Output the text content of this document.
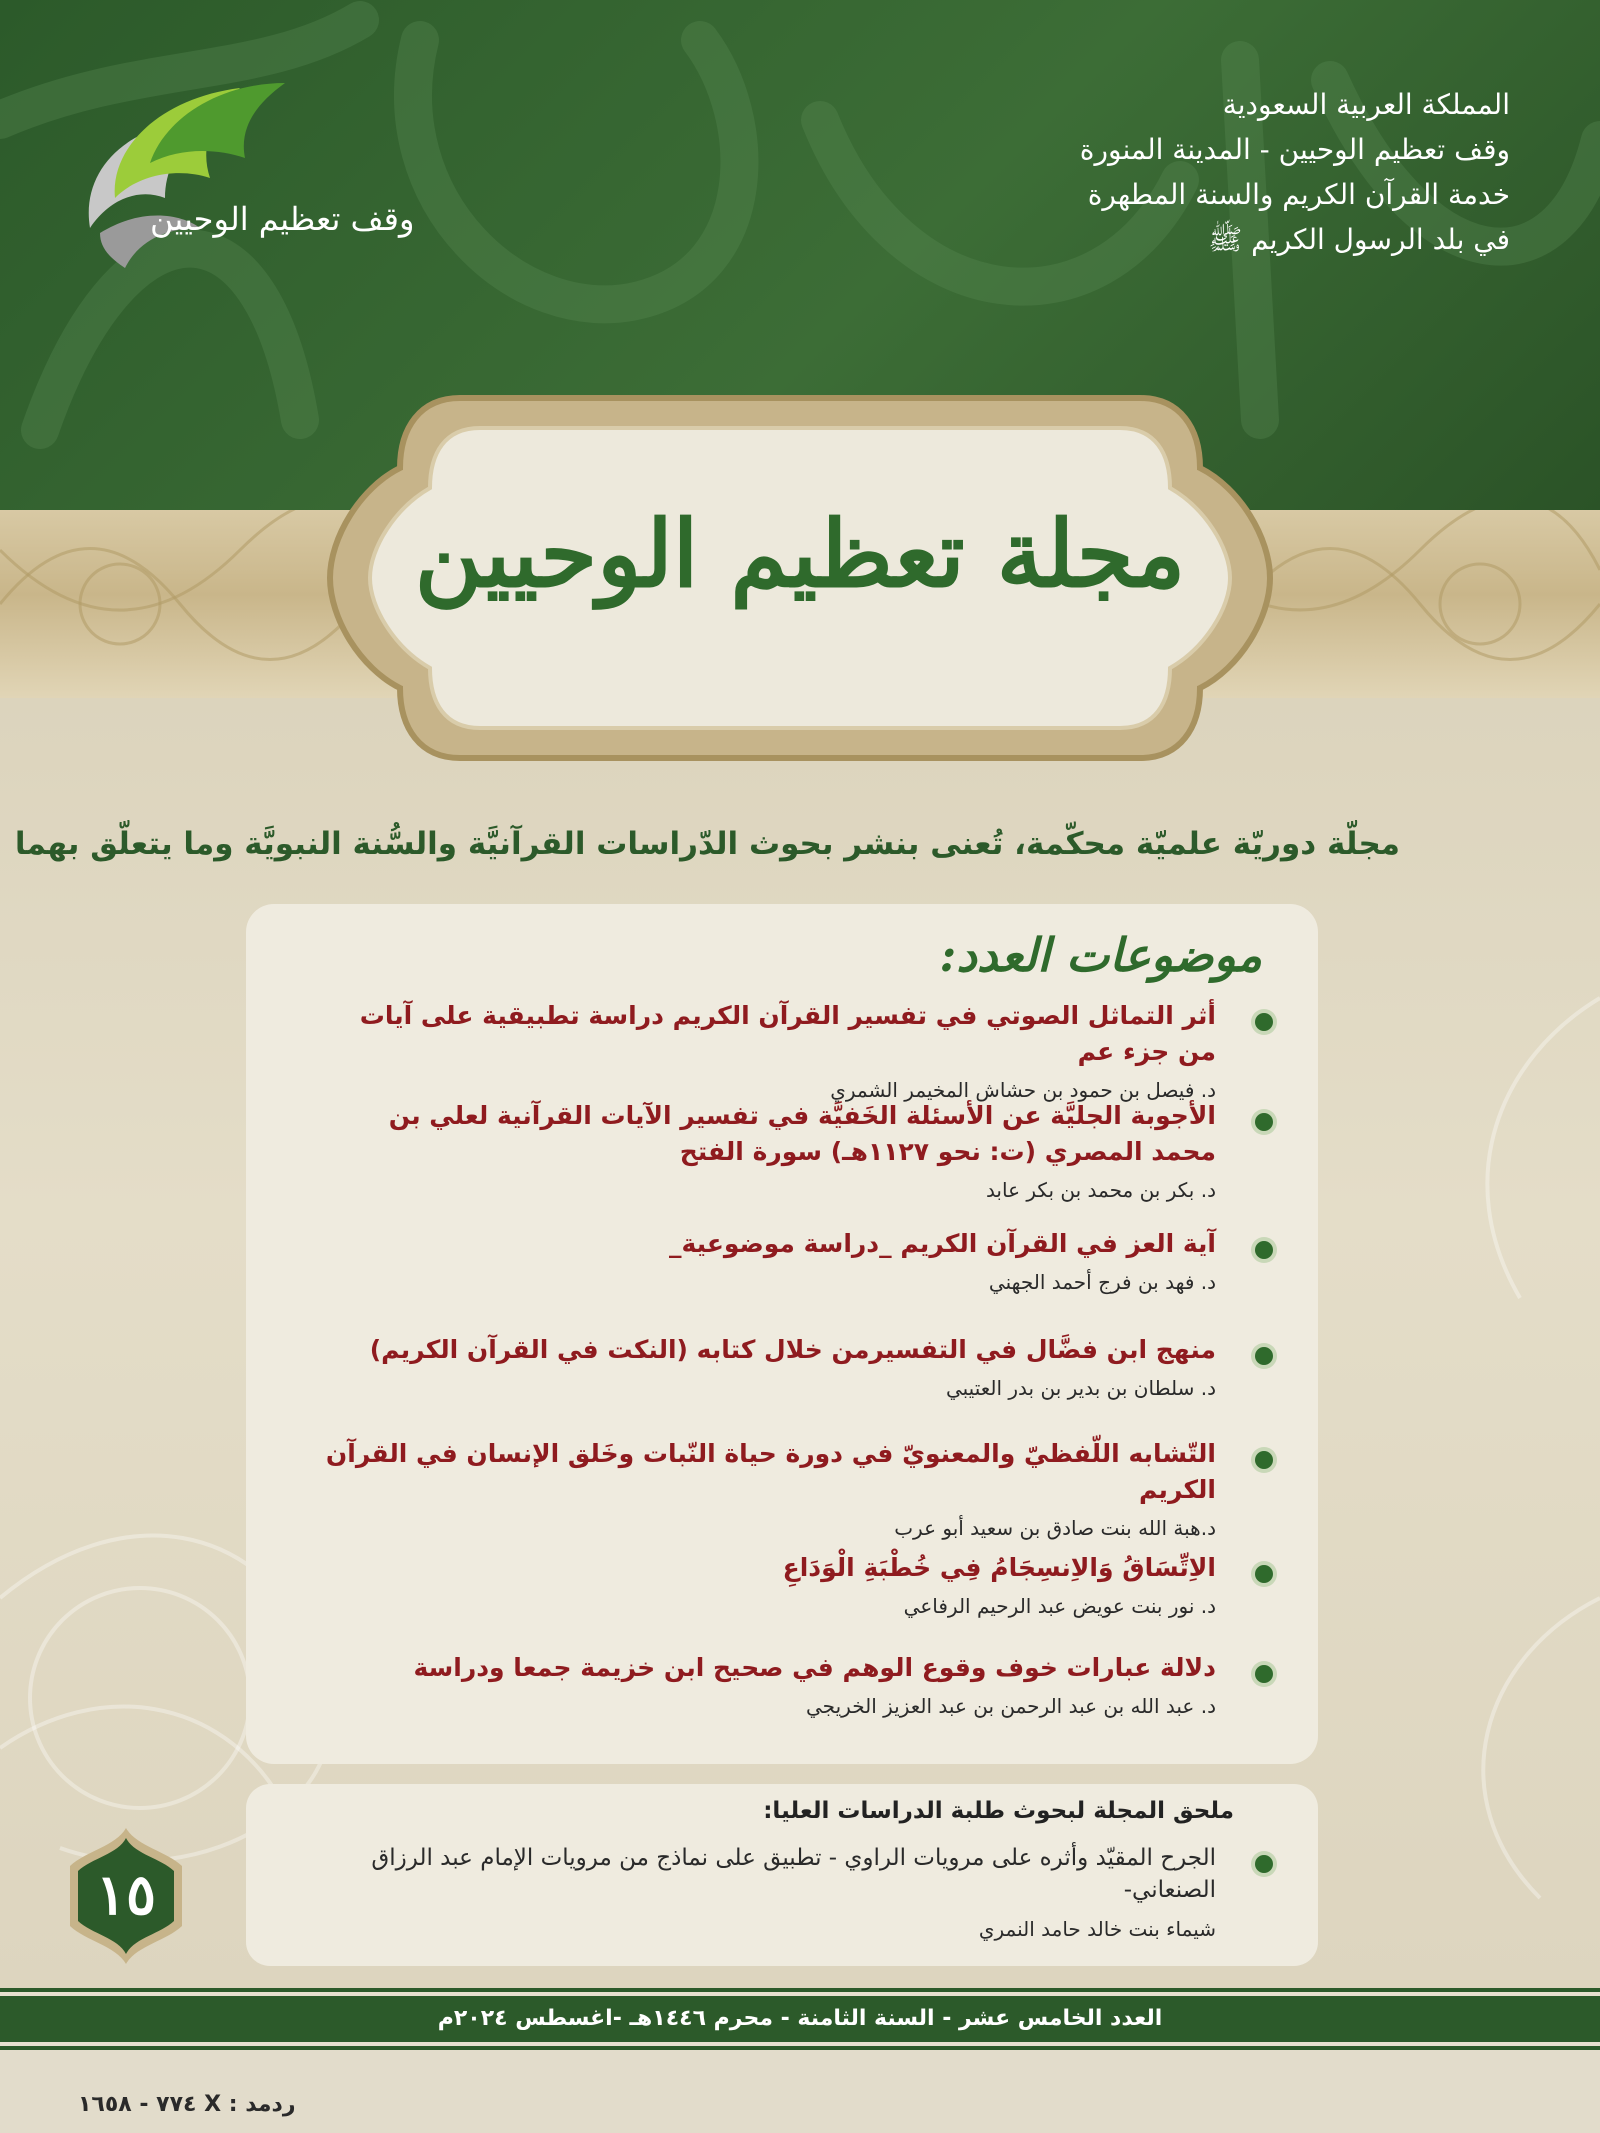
المملكة العربية السعودية
وقف تعظيم الوحيين - المدينة المنورة
خدمة القرآن الكريم والسنة المطهرة
في بلد الرسول الكريم ﷺ
وقف تعظيم الوحيين
مجلة تعظيم الوحيين
مجلّة دوريّة علميّة محكّمة، تُعنى بنشر بحوث الدّراسات القرآنيَّة والسُّنة النبويَّة وما يتعلّق بهما
موضوعات العدد:
أثر التماثل الصوتي في تفسير القرآن الكريم دراسة تطبيقية على آيات من جزء عم
د. فيصل بن حمود بن حشاش المخيمر الشمري
الأجوبة الجليَّة عن الأسئلة الخَفيَّة في تفسير الآيات القرآنية لعلي بن محمد المصري (ت: نحو ١١٢٧هـ) سورة الفتح
د. بكر بن محمد بن بكر عابد
آية العز في القرآن الكريم _دراسة موضوعية_
د. فهد بن فرج أحمد الجهني
منهج ابن فضَّال في التفسيرمن خلال كتابه (النكت في القرآن الكريم)
د. سلطان بن بدير بن بدر العتيبي
التّشابه اللّفظيّ والمعنويّ في دورة حياة النّبات وخَلق الإنسان في القرآن الكريم
د.هبة الله بنت صادق بن سعيد أبو عرب
الاِتِّسَاقُ وَالاِنسِجَامُ فِي خُطْبَةِ الْوَدَاعِ
د. نور بنت عويض عبد الرحيم الرفاعي
دلالة عبارات خوف وقوع الوهم في صحيح ابن خزيمة جمعا ودراسة
د. عبد الله بن عبد الرحمن بن عبد العزيز الخريجي
ملحق المجلة لبحوث طلبة الدراسات العليا:
الجرح المقيّد وأثره على مرويات الراوي - تطبيق على نماذج من مرويات الإمام عبد الرزاق الصنعاني-
شيماء بنت خالد حامد النمري
١٥
العدد الخامس عشر - السنة الثامنة - محرم ١٤٤٦هـ -اغسطس ٢٠٢٤م
ردمد : X ٧٧٤ - ١٦٥٨
